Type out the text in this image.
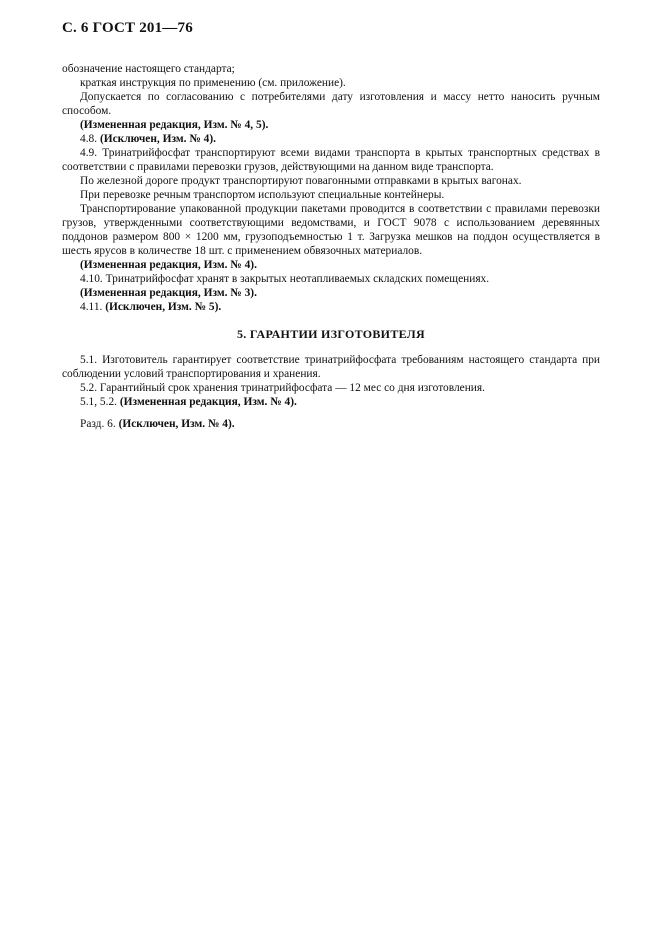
С. 6 ГОСТ 201—76

обозначение настоящего стандарта;

краткая инструкция по применению (см. приложение).

Допускается по согласованию с потребителями дату изготовления и массу нетто наносить ручным способом.

(Измененная редакция, Изм. № 4, 5).

4.8. (Исключен, Изм. № 4).

4.9. Тринатрийфосфат транспортируют всеми видами транспорта в крытых транспортных средствах в соответствии с правилами перевозки грузов, действующими на данном виде транспорта.

По железной дороге продукт транспортируют повагонными отправками в крытых вагонах.

При перевозке речным транспортом используют специальные контейнеры.

Транспортирование упакованной продукции пакетами проводится в соответствии с правилами перевозки грузов, утвержденными соответствующими ведомствами, и ГОСТ 9078 с использованием деревянных поддонов размером 800 × 1200 мм, грузоподъемностью 1 т. Загрузка мешков на поддон осуществляется в шесть ярусов в количестве 18 шт. с применением обвязочных материалов.

(Измененная редакция, Изм. № 4).

4.10. Тринатрийфосфат хранят в закрытых неотапливаемых складских помещениях.

(Измененная редакция, Изм. № 3).

4.11. (Исключен, Изм. № 5).

5. ГАРАНТИИ ИЗГОТОВИТЕЛЯ

5.1. Изготовитель гарантирует соответствие тринатрийфосфата требованиям настоящего стандарта при соблюдении условий транспортирования и хранения.

5.2. Гарантийный срок хранения тринатрийфосфата — 12 мес со дня изготовления.

5.1, 5.2. (Измененная редакция, Изм. № 4).

Разд. 6. (Исключен, Изм. № 4).
